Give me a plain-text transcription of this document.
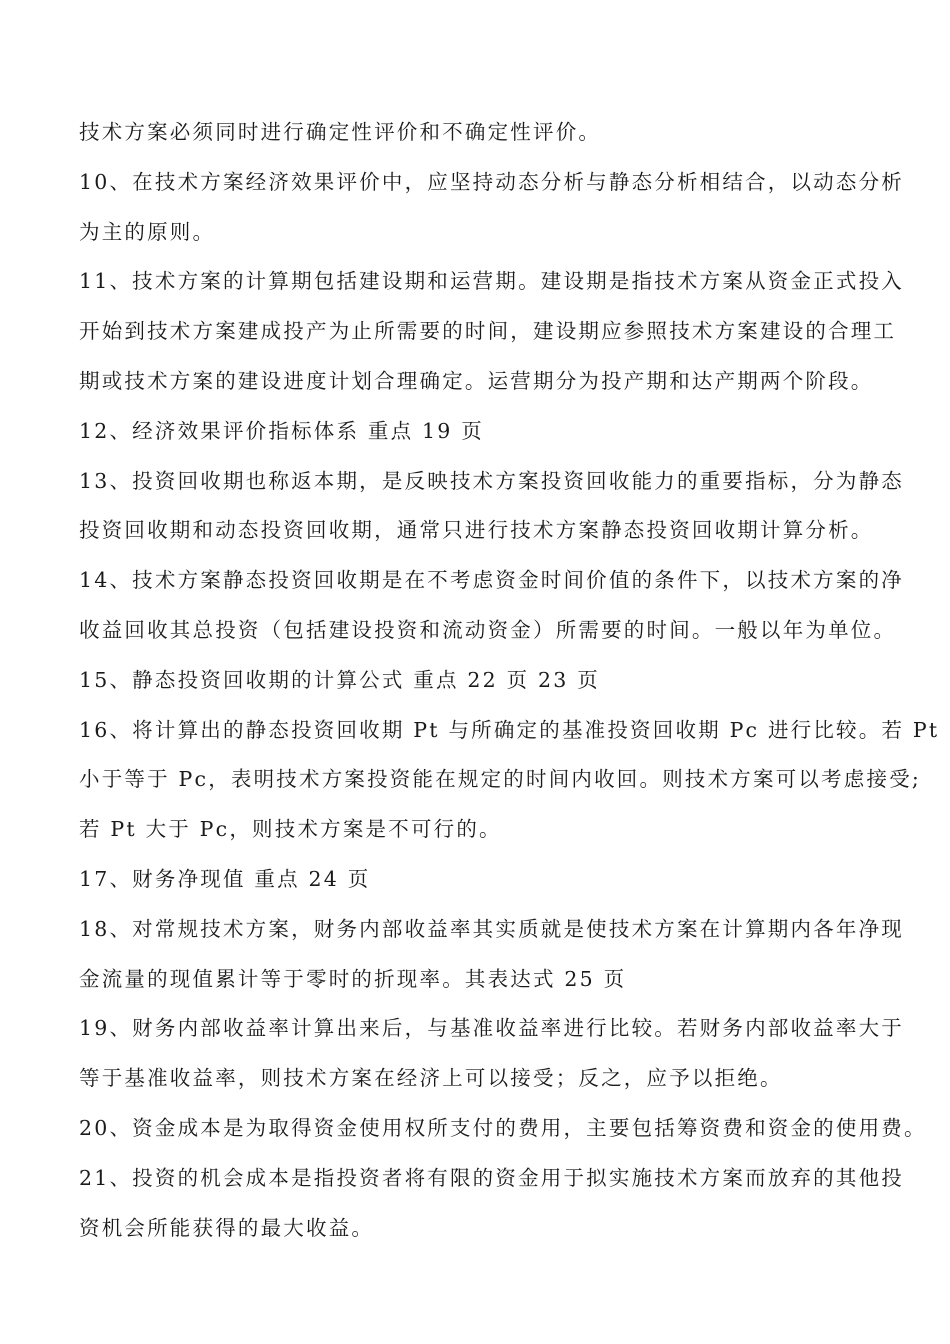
技术方案必须同时进行确定性评价和不确定性评价。
10、在技术方案经济效果评价中，应坚持动态分析与静态分析相结合，以动态分析
为主的原则。
11、技术方案的计算期包括建设期和运营期。建设期是指技术方案从资金正式投入
开始到技术方案建成投产为止所需要的时间，建设期应参照技术方案建设的合理工
期或技术方案的建设进度计划合理确定。运营期分为投产期和达产期两个阶段。
12、经济效果评价指标体系 重点 19 页
13、投资回收期也称返本期，是反映技术方案投资回收能力的重要指标，分为静态
投资回收期和动态投资回收期，通常只进行技术方案静态投资回收期计算分析。
14、技术方案静态投资回收期是在不考虑资金时间价值的条件下，以技术方案的净
收益回收其总投资（包括建设投资和流动资金）所需要的时间。一般以年为单位。
15、静态投资回收期的计算公式 重点 22 页 23 页
16、将计算出的静态投资回收期 Pt 与所确定的基准投资回收期 Pc 进行比较。若 Pt
小于等于 Pc，表明技术方案投资能在规定的时间内收回。则技术方案可以考虑接受;
若 Pt 大于 Pc，则技术方案是不可行的。
17、财务净现值 重点 24 页
18、对常规技术方案，财务内部收益率其实质就是使技术方案在计算期内各年净现
金流量的现值累计等于零时的折现率。其表达式 25 页
19、财务内部收益率计算出来后，与基准收益率进行比较。若财务内部收益率大于
等于基准收益率，则技术方案在经济上可以接受；反之，应予以拒绝。
20、资金成本是为取得资金使用权所支付的费用，主要包括筹资费和资金的使用费。
21、投资的机会成本是指投资者将有限的资金用于拟实施技术方案而放弃的其他投
资机会所能获得的最大收益。
